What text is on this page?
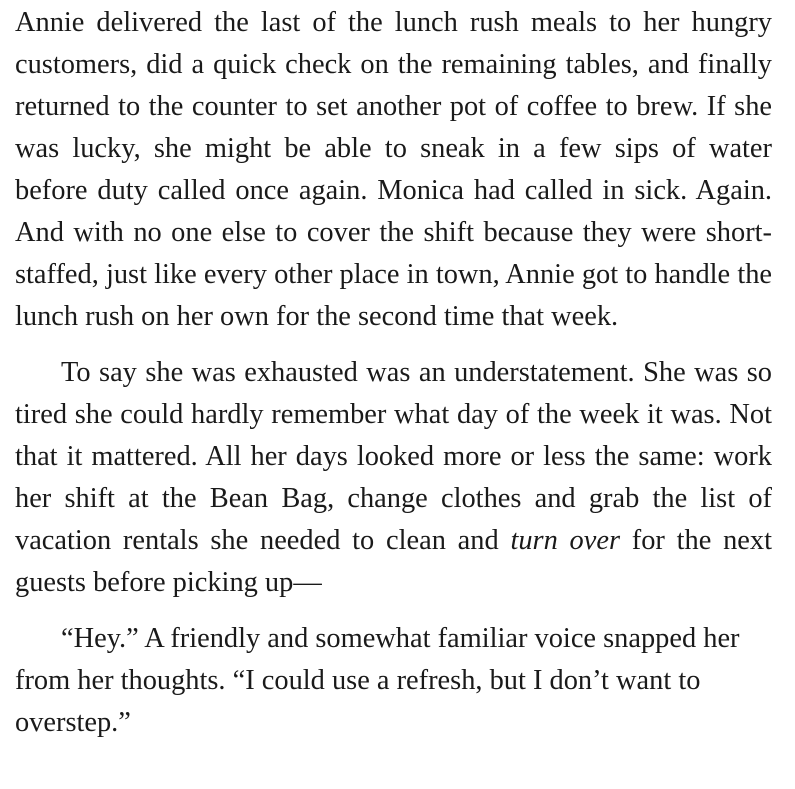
Annie delivered the last of the lunch rush meals to her hungry customers, did a quick check on the remaining tables, and finally returned to the counter to set another pot of coffee to brew. If she was lucky, she might be able to sneak in a few sips of water before duty called once again. Monica had called in sick. Again. And with no one else to cover the shift because they were short-staffed, just like every other place in town, Annie got to handle the lunch rush on her own for the second time that week.

To say she was exhausted was an understatement. She was so tired she could hardly remember what day of the week it was. Not that it mattered. All her days looked more or less the same: work her shift at the Bean Bag, change clothes and grab the list of vacation rentals she needed to clean and turn over for the next guests before picking up—

“Hey.” A friendly and somewhat familiar voice snapped her from her thoughts. “I could use a refresh, but I don’t want to overstep.”
